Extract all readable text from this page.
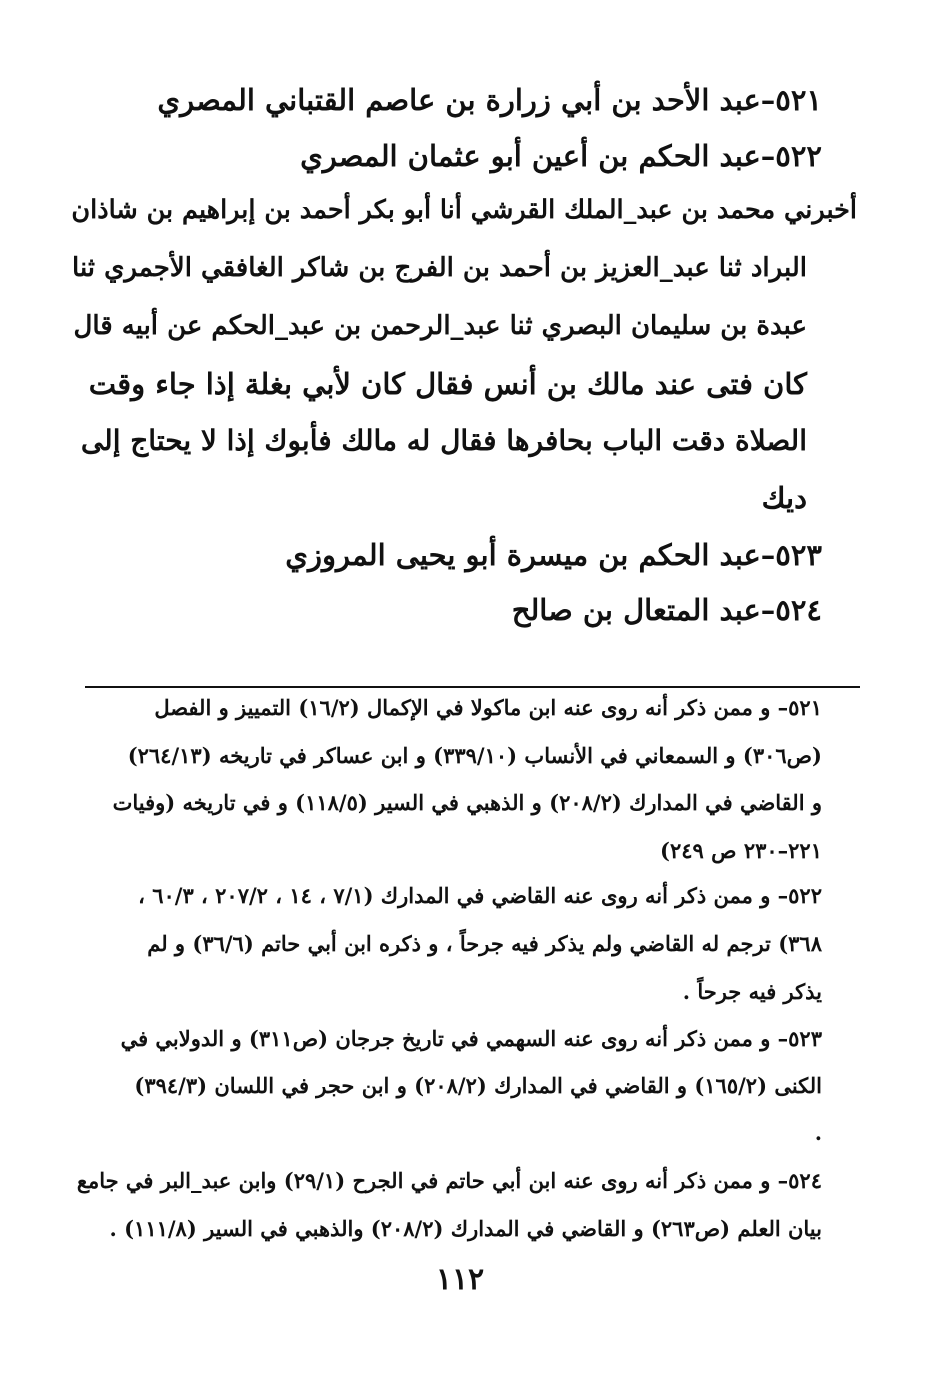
٥٢١–عبد الأحد بن أبي زرارة بن عاصم القتباني المصري
٥٢٢–عبد الحكم بن أعين أبو عثمان المصري
أخبرني محمد بن عبد_الملك القرشي أنا أبو بكر أحمد بن إبراهيم بن شاذان
البراد ثنا عبد_العزيز بن أحمد بن الفرج بن شاكر الغافقي الأجمري ثنا
عبدة بن سليمان البصري ثنا عبد_الرحمن بن عبد_الحكم عن أبيه قال
كان فتى عند مالك بن أنس فقال كان لأبي بغلة إذا جاء وقت
الصلاة دقت الباب بحافرها فقال له مالك فأبوك إذا لا يحتاج إلى
ديك
٥٢٣–عبد الحكم بن ميسرة أبو يحيى المروزي
٥٢٤–عبد المتعال بن صالح
٥٢١– و ممن ذكر أنه روى عنه ابن ماكولا في الإكمال (١٦/٢) التمييز و الفصل
(ص٣٠٦) و السمعاني في الأنساب (٣٣٩/١٠) و ابن عساكر في تاريخه (٢٦٤/١٣)
و القاضي في المدارك (٢٠٨/٢) و الذهبي في السير (١١٨/٥) و في تاريخه (وفيات
٢٢١–٢٣٠ ص ٢٤٩)
٥٢٢– و ممن ذكر أنه روى عنه القاضي في المدارك (٧/١ ، ١٤ ، ٢٠٧/٢ ، ٦٠/٣ ،
٣٦٨) ترجم له القاضي ولم يذكر فيه جرحاً ، و ذكره ابن أبي حاتم (٣٦/٦) و لم
يذكر فيه جرحاً .
٥٢٣– و ممن ذكر أنه روى عنه السهمي في تاريخ جرجان (ص٣١١) و الدولابي في
الكنى (١٦٥/٢) و القاضي في المدارك (٢٠٨/٢) و ابن حجر في اللسان (٣٩٤/٣)
.
٥٢٤– و ممن ذكر أنه روى عنه ابن أبي حاتم في الجرح (٢٩/١) وابن عبد_البر في جامع
بيان العلم (ص٢٦٣) و القاضي في المدارك (٢٠٨/٢) والذهبي في السير (١١١/٨) .
١١٢
